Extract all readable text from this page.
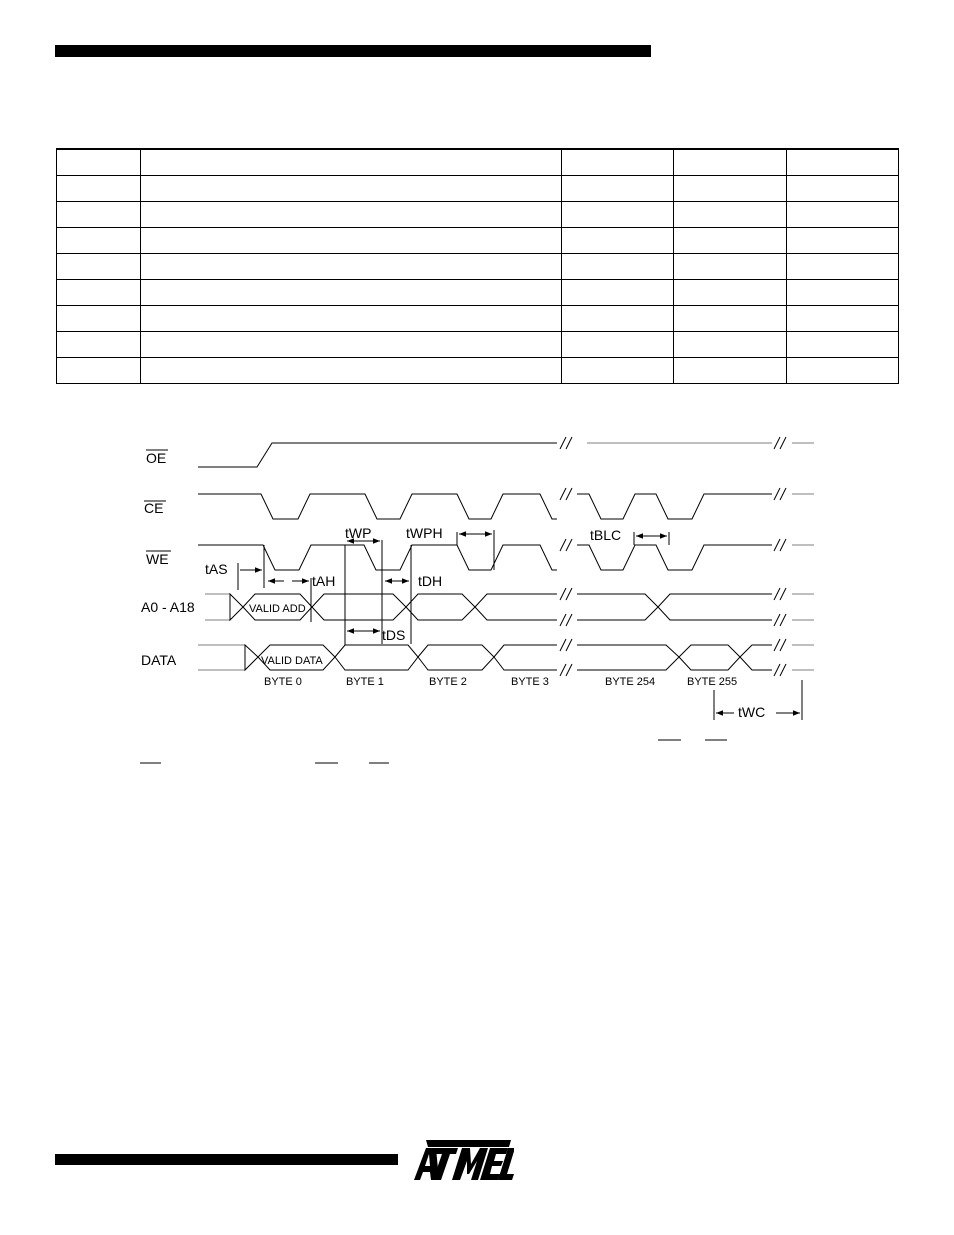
OE
CE
WE
A0 - A18
DATA
tAS
tAH
tWP tWPH
tDH
tDS
tBLC
tWC
VALID ADD
VALID DATA
BYTE 0	BYTE 1	BYTE 2	BYTE 3	BYTE 254	BYTE 255
